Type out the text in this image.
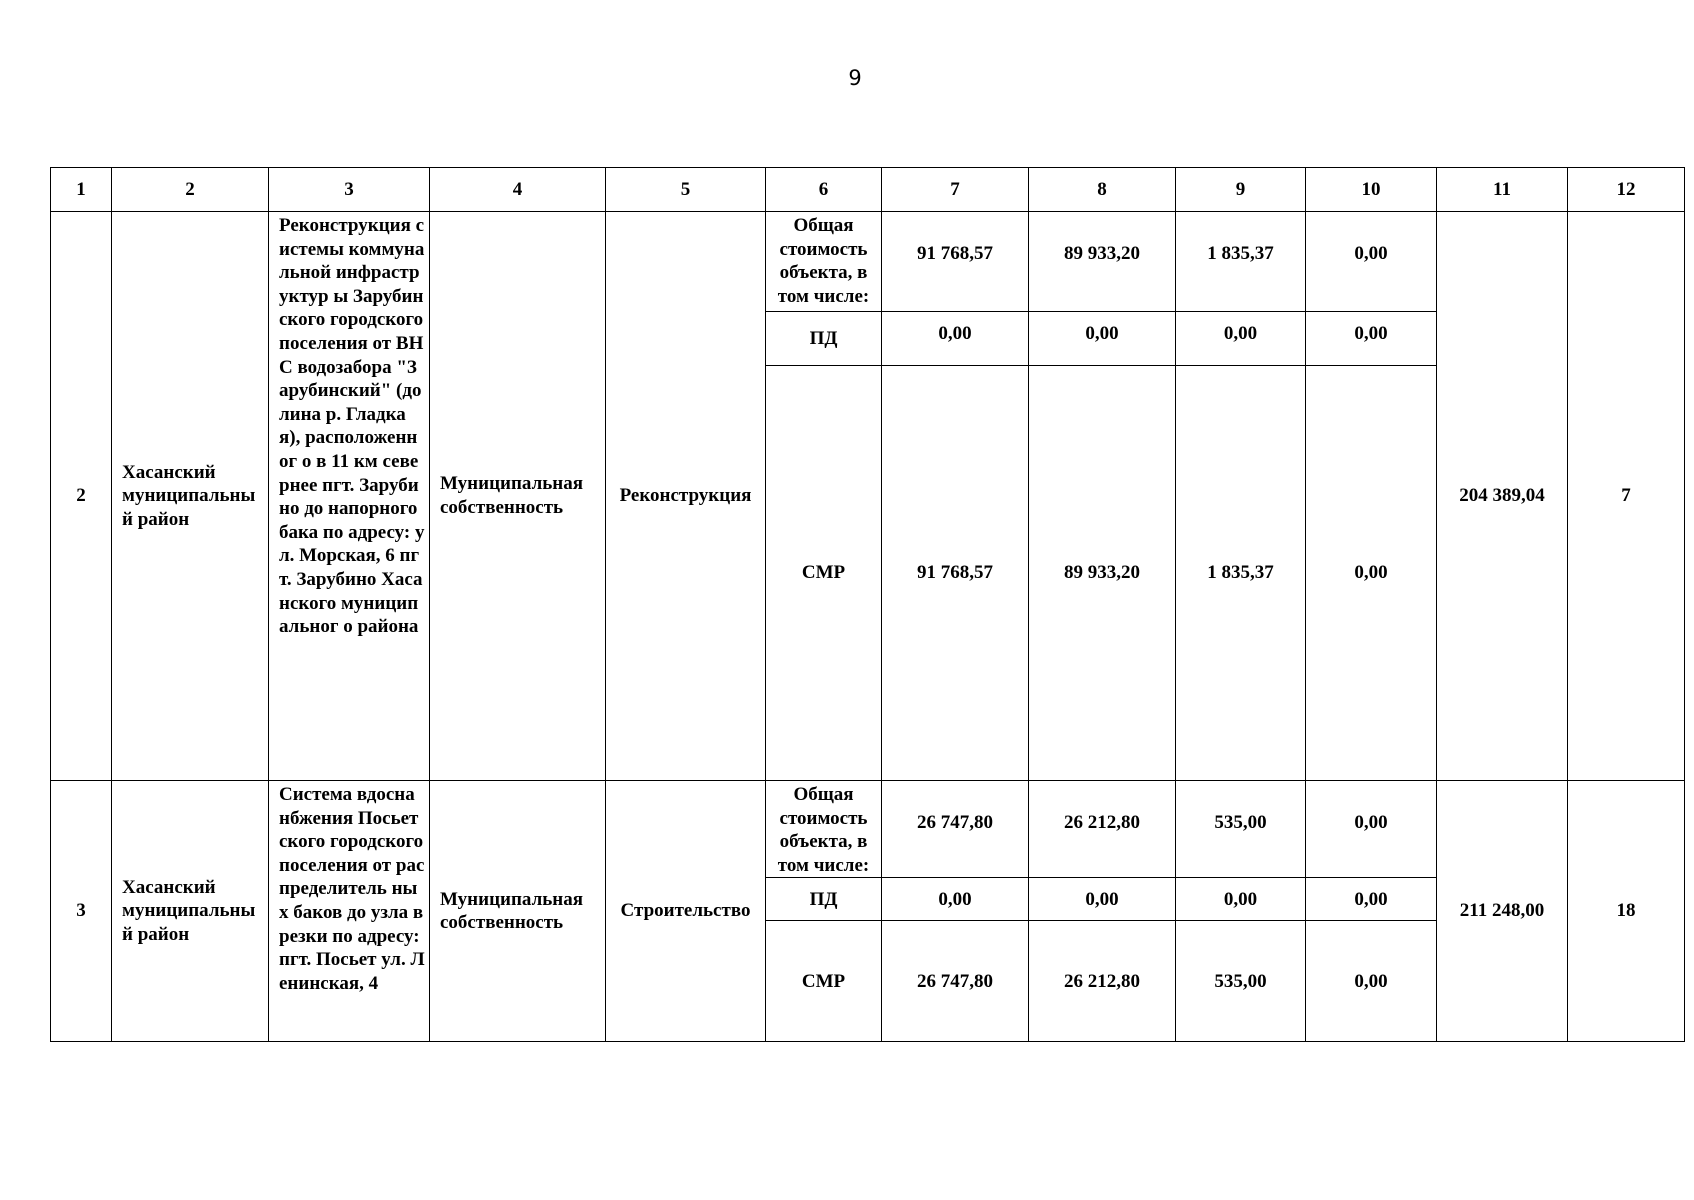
9
1	2	3	4	5	6	7	8	9	10	11	12
2	Хасанский муниципальны й район	Реконструкция системы коммунальной инфраструктур ы Зарубинского городского поселения от ВНС водозабора "Зарубинский" (долина р. Гладкая), расположенног о в 11 км севернее пгт. Зарубино до напорного бака по адресу: ул. Морская, 6 пгт. Зарубино Хасанского муниципальног о района	Муниципальная собственность	Реконструкция	Общая стоимость объекта, в том числе:	91 768,57	89 933,20	1 835,37	0,00	204 389,04	7
					ПД	0,00	0,00	0,00	0,00		
					СМР	91 768,57	89 933,20	1 835,37	0,00		
3	Хасанский муниципальны й район	Система вдоснанбжения Посьетского городского поселения от распределитель ных баков до узла врезки по адресу: пгт. Посьет ул. Ленинская, 4	Муниципальная собственность	Строительство	Общая стоимость объекта, в том числе:	26 747,80	26 212,80	535,00	0,00	211 248,00	18
					ПД	0,00	0,00	0,00	0,00		
					СМР	26 747,80	26 212,80	535,00	0,00		
